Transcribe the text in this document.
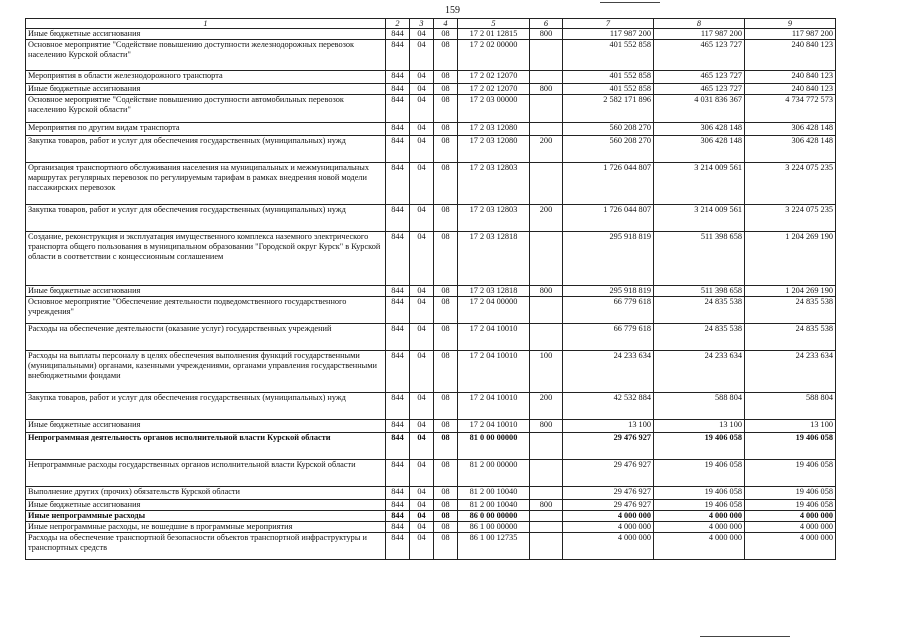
159
1	2	3	4	5	6	7	8	9
Иные бюджетные ассигнования	844	04	08	17 2 01 12815	800	117 987 200	117 987 200	117 987 200
Основное мероприятие "Содействие повышению доступности железнодорожных перевозок населению Курской области"	844	04	08	17 2 02 00000		401 552 858	465 123 727	240 840 123
Мероприятия в области железнодорожного транспорта	844	04	08	17 2 02 12070		401 552 858	465 123 727	240 840 123
Иные бюджетные ассигнования	844	04	08	17 2 02 12070	800	401 552 858	465 123 727	240 840 123
Основное мероприятие "Содействие повышению доступности автомобильных перевозок населению Курской области"	844	04	08	17 2 03 00000		2 582 171 896	4 031 836 367	4 734 772 573
Мероприятия по другим видам транспорта	844	04	08	17 2 03 12080		560 208 270	306 428 148	306 428 148
Закупка товаров, работ и услуг для обеспечения государственных (муниципальных) нужд	844	04	08	17 2 03 12080	200	560 208 270	306 428 148	306 428 148
Организация транспортного обслуживания населения на муниципальных и межмуниципальных маршрутах регулярных перевозок по регулируемым тарифам в рамках внедрения новой модели пассажирских перевозок	844	04	08	17 2 03 12803		1 726 044 807	3 214 009 561	3 224 075 235
Закупка товаров, работ и услуг для обеспечения государственных (муниципальных) нужд	844	04	08	17 2 03 12803	200	1 726 044 807	3 214 009 561	3 224 075 235
Создание, реконструкция и эксплуатация имущественного комплекса наземного электрического транспорта общего пользования в муниципальном образовании "Городской округ Курск" в Курской области в соответствии с концессионным соглашением	844	04	08	17 2 03 12818		295 918 819	511 398 658	1 204 269 190
Иные бюджетные ассигнования	844	04	08	17 2 03 12818	800	295 918 819	511 398 658	1 204 269 190
Основное мероприятие "Обеспечение деятельности подведомственного государственного учреждения"	844	04	08	17 2 04 00000		66 779 618	24 835 538	24 835 538
Расходы на обеспечение деятельности (оказание услуг) государственных учреждений	844	04	08	17 2 04 10010		66 779 618	24 835 538	24 835 538
Расходы на выплаты персоналу в целях обеспечения выполнения функций государственными (муниципальными) органами, казенными учреждениями, органами управления государственными внебюджетными фондами	844	04	08	17 2 04 10010	100	24 233 634	24 233 634	24 233 634
Закупка товаров, работ и услуг для обеспечения государственных (муниципальных) нужд	844	04	08	17 2 04 10010	200	42 532 884	588 804	588 804
Иные бюджетные ассигнования	844	04	08	17 2 04 10010	800	13 100	13 100	13 100
Непрограммная деятельность органов исполнительной власти Курской области	844	04	08	81 0 00 00000		29 476 927	19 406 058	19 406 058
Непрограммные расходы государственных органов исполнительной власти Курской области	844	04	08	81 2 00 00000		29 476 927	19 406 058	19 406 058
Выполнение других (прочих) обязательств Курской области	844	04	08	81 2 00 10040		29 476 927	19 406 058	19 406 058
Иные бюджетные ассигнования	844	04	08	81 2 00 10040	800	29 476 927	19 406 058	19 406 058
Иные непрограммные расходы	844	04	08	86 0 00 00000		4 000 000	4 000 000	4 000 000
Иные непрограммные расходы, не вошедшие в программные мероприятия	844	04	08	86 1 00 00000		4 000 000	4 000 000	4 000 000
Расходы на обеспечение транспортной безопасности объектов транспортной инфраструктуры и транспортных средств	844	04	08	86 1 00 12735		4 000 000	4 000 000	4 000 000
